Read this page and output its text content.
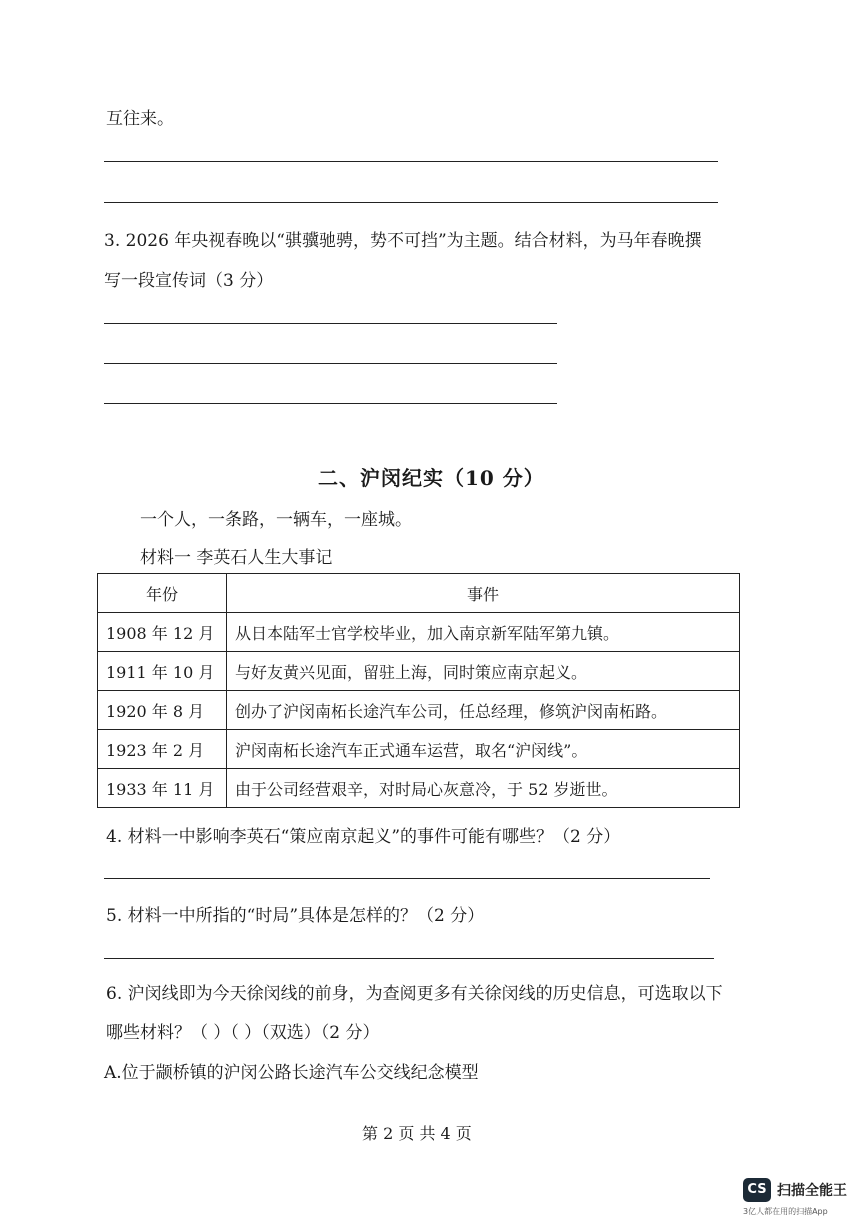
互往来。
3. 2026 年央视春晚以“骐骥驰骋，势不可挡”为主题。结合材料，为马年春晚撰
写一段宣传词（3 分）
二、沪闵纪实（10 分）
一个人，一条路，一辆车，一座城。
材料一 李英石人生大事记
年份	事件
1908 年 12 月	从日本陆军士官学校毕业，加入南京新军陆军第九镇。
1911 年 10 月	与好友黄兴见面，留驻上海，同时策应南京起义。
1920 年 8 月	创办了沪闵南柘长途汽车公司，任总经理，修筑沪闵南柘路。
1923 年 2 月	沪闵南柘长途汽车正式通车运营，取名“沪闵线”。
1933 年 11 月	由于公司经营艰辛，对时局心灰意冷，于 52 岁逝世。
4. 材料一中影响李英石“策应南京起义”的事件可能有哪些？（2 分）
5. 材料一中所指的“时局”具体是怎样的？（2 分）
6. 沪闵线即为今天徐闵线的前身，为查阅更多有关徐闵线的历史信息，可选取以下
哪些材料？（ ）（ ）（双选）（2 分）
A.位于颛桥镇的沪闵公路长途汽车公交线纪念模型
第 2 页 共 4 页
CS 扫描全能王
3亿人都在用的扫描App
